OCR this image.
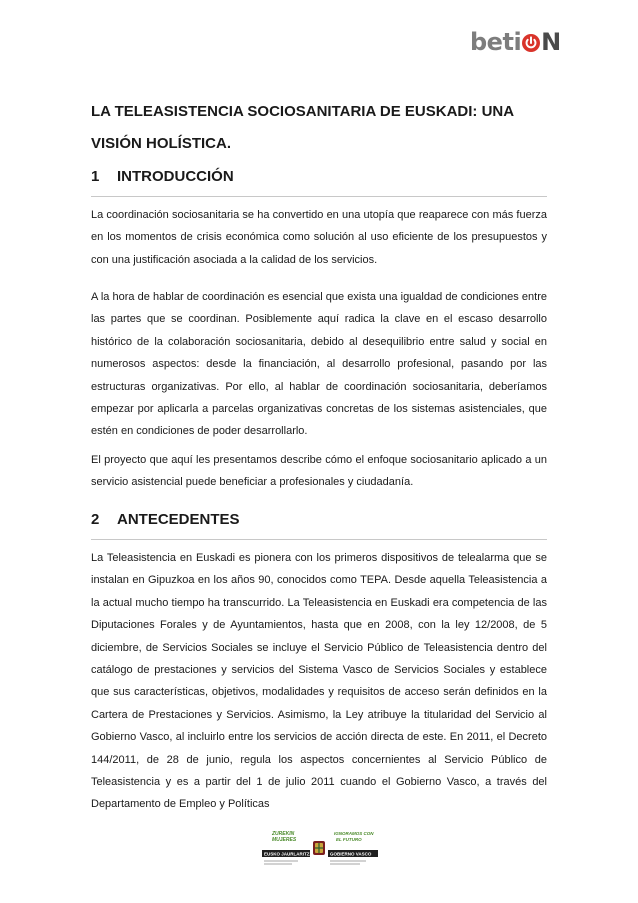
bet i N
LA TELEASISTENCIA SOCIOSANITARIA DE EUSKADI: UNA VISIÓN HOLÍSTICA.
1	INTRODUCCIÓN

La coordinación sociosanitaria se ha convertido en una utopía que reaparece con más fuerza en los momentos de crisis económica como solución al uso eficiente de los presupuestos y con una justificación asociada a la calidad de los servicios.

A la hora de hablar de coordinación es esencial que exista una igualdad de condiciones entre las partes que se coordinan. Posiblemente aquí radica la clave en el escaso desarrollo histórico de la colaboración sociosanitaria, debido al desequilibrio entre salud y social en numerosos aspectos: desde la financiación, al desarrollo profesional, pasando por las estructuras organizativas. Por ello, al hablar de coordinación sociosanitaria, deberíamos empezar por aplicarla a parcelas organizativas concretas de los sistemas asistenciales, que estén en condiciones de poder desarrollarlo.

El proyecto que aquí les presentamos describe cómo el enfoque sociosanitario aplicado a un servicio asistencial puede beneficiar a profesionales y ciudadanía.

2	ANTECEDENTES

La Teleasistencia en Euskadi es pionera con los primeros dispositivos de telealarma que se instalan en Gipuzkoa en los años 90, conocidos como TEPA. Desde aquella Teleasistencia a la actual mucho tiempo ha transcurrido. La Teleasistencia en Euskadi era competencia de las Diputaciones Forales y de Ayuntamientos, hasta que en 2008, con la ley 12/2008, de 5 diciembre, de Servicios Sociales se incluye el Servicio Público de Teleasistencia dentro del catálogo de prestaciones y servicios del Sistema Vasco de Servicios Sociales y establece que sus características, objetivos, modalidades y requisitos de acceso serán definidos en la Cartera de Prestaciones y Servicios. Asimismo, la Ley atribuye la titularidad del Servicio al Gobierno Vasco, al incluirlo entre los servicios de acción directa de este. En 2011, el Decreto 144/2011, de 28 de junio, regula los aspectos concernientes al Servicio Público de Teleasistencia y es a partir del 1 de julio 2011 cuando el Gobierno Vasco, a través del Departamento de Empleo y Políticas

ZUREKIN
MUJERES
IGNORAMOS CON
EL FUTURO
EUSKO JAURLARITZA	GOBIERNO VASCO
